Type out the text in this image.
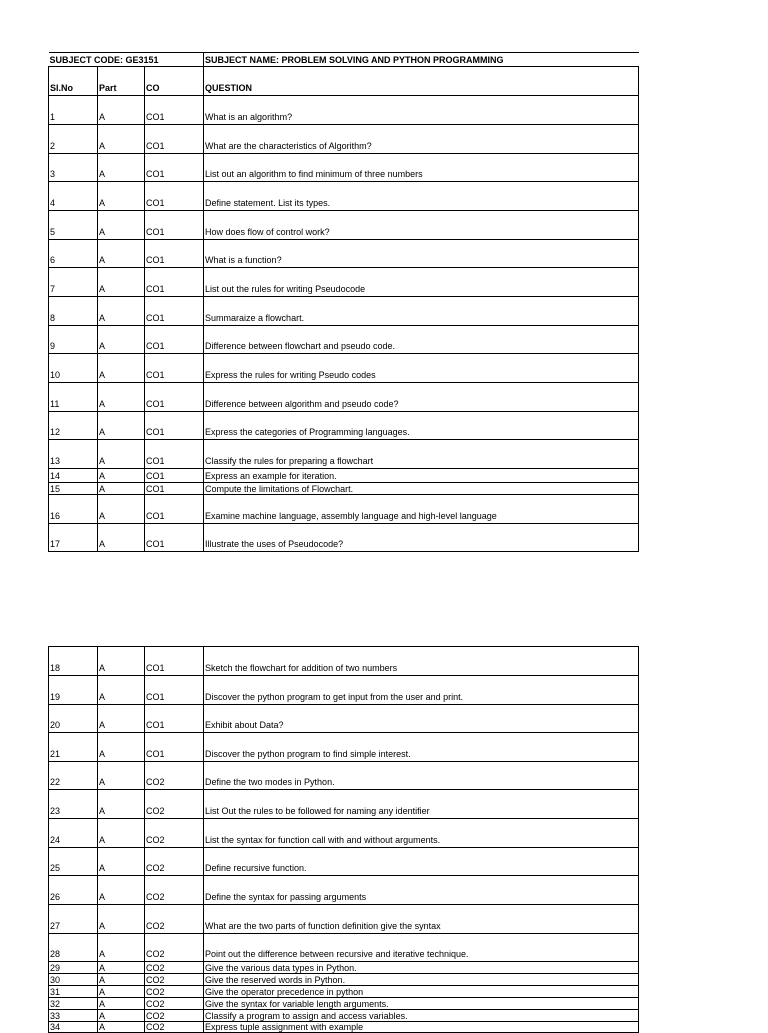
SUBJECT CODE: GE3151			SUBJECT NAME: PROBLEM SOLVING AND PYTHON PROGRAMMING
Sl.No	Part	CO	QUESTION
1	A	CO1	What is an algorithm?
2	A	CO1	What are the characteristics of Algorithm?
3	A	CO1	List out an algorithm to find minimum of three numbers
4	A	CO1	Define statement. List its types.
5	A	CO1	How does flow of control work?
6	A	CO1	What is a function?
7	A	CO1	List out the rules for writing Pseudocode
8	A	CO1	Summaraize a flowchart.
9	A	CO1	Difference between flowchart and pseudo code.
10	A	CO1	Express the rules for writing Pseudo codes
11	A	CO1	Difference between algorithm and pseudo code?
12	A	CO1	Express the categories of Programming languages.
13	A	CO1	Classify the rules for preparing a flowchart
14	A	CO1	Express an example for iteration.
15	A	CO1	Compute the limitations of Flowchart.
16	A	CO1	Examine machine language, assembly language and high-level language
17	A	CO1	Illustrate the uses of Pseudocode?
18	A	CO1	Sketch the flowchart for addition of two numbers
19	A	CO1	Discover the python program to get input from the user and print.
20	A	CO1	Exhibit about Data?
21	A	CO1	Discover the python program to find simple interest.
22	A	CO2	Define the two modes in Python.
23	A	CO2	List Out the rules to be followed for naming any identifier
24	A	CO2	List the syntax for function call with and without arguments.
25	A	CO2	Define recursive function.
26	A	CO2	Define the syntax for passing arguments
27	A	CO2	What are the two parts of function definition give the syntax
28	A	CO2	Point out the difference between recursive and iterative technique.
29	A	CO2	Give the various data types in Python.
30	A	CO2	Give the reserved words in Python.
31	A	CO2	Give the operator precedence in python
32	A	CO2	Give the syntax for variable length arguments.
33	A	CO2	Classify a program to assign and access variables.
34	A	CO2	Express tuple assignment with example
